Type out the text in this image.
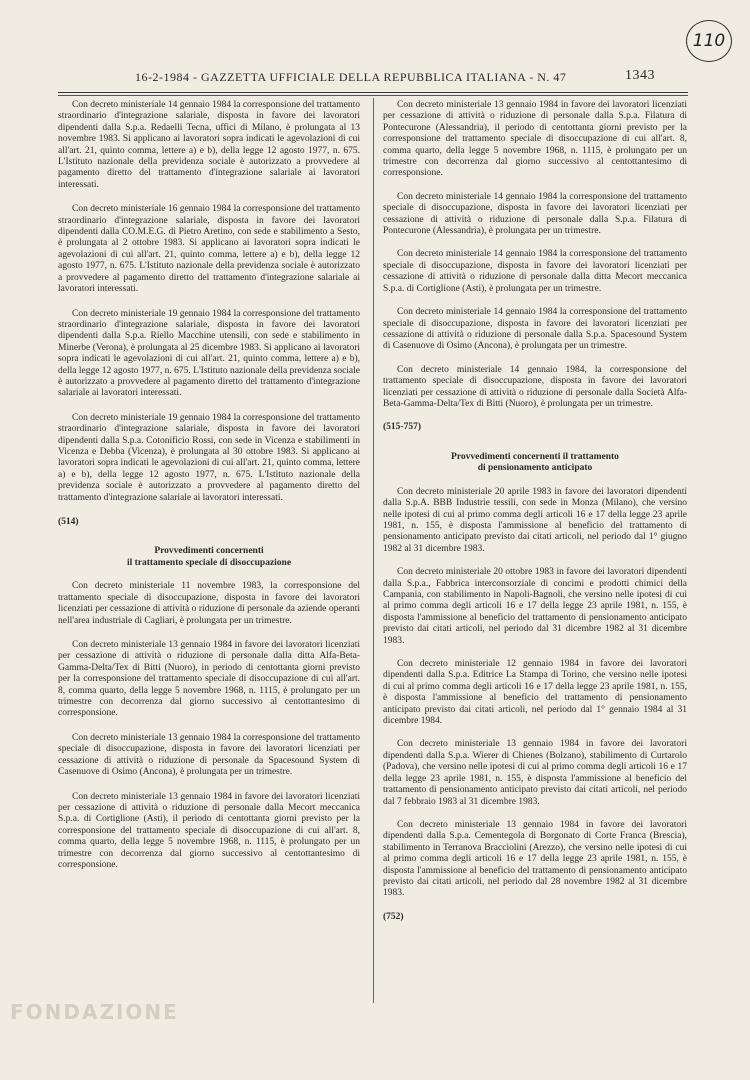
110
16-2-1984 - GAZZETTA UFFICIALE DELLA REPUBBLICA ITALIANA - N. 47	1343

Con decreto ministeriale 14 gennaio 1984 la corresponsione del trattamento straordinario d'integrazione salariale, disposta in favore dei lavoratori dipendenti dalla S.p.a. Redaelli Tecna, uffici di Milano, è prolungata al 13 novembre 1983. Si applicano ai lavoratori sopra indicati le agevolazioni di cui all'art. 21, quinto comma, lettere a) e b), della legge 12 agosto 1977, n. 675. L'Istituto nazionale della previdenza sociale è autorizzato a provvedere al pagamento diretto del trattamento d'integrazione salariale ai lavoratori interessati.

Con decreto ministeriale 16 gennaio 1984 la corresponsione del trattamento straordinario d'integrazione salariale, disposta in favore dei lavoratori dipendenti dalla CO.M.E.G. di Pietro Aretino, con sede e stabilimento a Sesto, è prolungata al 2 ottobre 1983. Si applicano ai lavoratori sopra indicati le agevolazioni di cui all'art. 21, quinto comma, lettere a) e b), della legge 12 agosto 1977, n. 675. L'Istituto nazionale della previdenza sociale è autorizzato a provvedere al pagamento diretto del trattamento d'integrazione salariale ai lavoratori interessati.

Con decreto ministeriale 19 gennaio 1984 la corresponsione del trattamento straordinario d'integrazione salariale, disposta in favore dei lavoratori dipendenti dalla S.p.a. Riello Macchine utensili, con sede e stabilimento in Minerbe (Verona), è prolungata al 25 dicembre 1983. Si applicano ai lavoratori sopra indicati le agevolazioni di cui all'art. 21, quinto comma, lettere a) e b), della legge 12 agosto 1977, n. 675. L'Istituto nazionale della previdenza sociale è autorizzato a provvedere al pagamento diretto del trattamento d'integrazione salariale ai lavoratori interessati.

Con decreto ministeriale 19 gennaio 1984 la corresponsione del trattamento straordinario d'integrazione salariale, disposta in favore dei lavoratori dipendenti dalla S.p.a. Cotonificio Rossi, con sede in Vicenza e stabilimenti in Vicenza e Debba (Vicenza), è prolungata al 30 ottobre 1983. Si applicano ai lavoratori sopra indicati le agevolazioni di cui all'art. 21, quinto comma, lettere a) e b), della legge 12 agosto 1977, n. 675. L'Istituto nazionale della previdenza sociale è autorizzato a provvedere al pagamento diretto del trattamento d'integrazione salariale ai lavoratori interessati.

(514)
Provvedimenti concernenti
il trattamento speciale di disoccupazione

Con decreto ministeriale 11 novembre 1983, la corresponsione del trattamento speciale di disoccupazione, disposta in favore dei lavoratori licenziati per cessazione di attività o riduzione di personale da aziende operanti nell'area industriale di Cagliari, è prolungata per un trimestre.

Con decreto ministeriale 13 gennaio 1984 in favore dei lavoratori licenziati per cessazione di attività o riduzione di personale dalla ditta Alfa-Beta-Gamma-Delta/Tex di Bitti (Nuoro), in periodo di centottanta giorni previsto per la corresponsione del trattamento speciale di disoccupazione di cui all'art. 8, comma quarto, della legge 5 novembre 1968, n. 1115, è prolungato per un trimestre con decorrenza dal giorno successivo al centottantesimo di corresponsione.

Con decreto ministeriale 13 gennaio 1984 la corresponsione del trattamento speciale di disoccupazione, disposta in favore dei lavoratori licenziati per cessazione di attività o riduzione di personale da Spacesound System di Casenuove di Osimo (Ancona), è prolungata per un trimestre.

Con decreto ministeriale 13 gennaio 1984 in favore dei lavoratori licenziati per cessazione di attività o riduzione di personale dalla Mecort meccanica S.p.a. di Cortiglione (Asti), il periodo di centottanta giorni previsto per la corresponsione del trattamento speciale di disoccupazione di cui all'art. 8, comma quarto, della legge 5 novembre 1968, n. 1115, è prolungato per un trimestre con decorrenza dal giorno successivo al centottantesimo di corresponsione.

Con decreto ministeriale 13 gennaio 1984 in favore dei lavoratori licenziati per cessazione di attività o riduzione di personale dalla S.p.a. Filatura di Pontecurone (Alessandria), il periodo di centottanta giorni previsto per la corresponsione del trattamento speciale di disoccupazione di cui all'art. 8, comma quarto, della legge 5 novembre 1968, n. 1115, è prolungato per un trimestre con decorrenza dal giorno successivo al centottantesimo di corresponsione.

Con decreto ministeriale 14 gennaio 1984 la corresponsione del trattamento speciale di disoccupazione, disposta in favore dei lavoratori licenziati per cessazione di attività o riduzione di personale dalla S.p.a. Filatura di Pontecurone (Alessandria), è prolungata per un trimestre.

Con decreto ministeriale 14 gennaio 1984 la corresponsione del trattamento speciale di disoccupazione, disposta in favore dei lavoratori licenziati per cessazione di attività o riduzione di personale dalla ditta Mecort meccanica S.p.a. di Cortiglione (Asti), è prolungata per un trimestre.

Con decreto ministeriale 14 gennaio 1984 la corresponsione del trattamento speciale di disoccupazione, disposta in favore dei lavoratori licenziati per cessazione di attività o riduzione di personale dalla S.p.a. Spacesound System di Casenuove di Osimo (Ancona), è prolungata per un trimestre.

Con decreto ministeriale 14 gennaio 1984, la corresponsione del trattamento speciale di disoccupazione, disposta in favore dei lavoratori licenziati per cessazione di attività o riduzione di personale dalla Società Alfa-Beta-Gamma-Delta/Tex di Bitti (Nuoro), è prolungata per un trimestre.

(515-757)
Provvedimenti concernenti il trattamento
di pensionamento anticipato

Con decreto ministeriale 20 aprile 1983 in favore dei lavoratori dipendenti dalla S.p.A. BBB Industrie tessili, con sede in Monza (Milano), che versino nelle ipotesi di cui al primo comma degli articoli 16 e 17 della legge 23 aprile 1981, n. 155, è disposta l'ammissione al beneficio del trattamento di pensionamento anticipato previsto dai citati articoli, nel periodo dal 1° giugno 1982 al 31 dicembre 1983.

Con decreto ministeriale 20 ottobre 1983 in favore dei lavoratori dipendenti dalla S.p.a., Fabbrica interconsorziale di concimi e prodotti chimici della Campania, con stabilimento in Napoli-Bagnoli, che versino nelle ipotesi di cui al primo comma degli articoli 16 e 17 della legge 23 aprile 1981, n. 155, è disposta l'ammissione al beneficio del trattamento di pensionamento anticipato previsto dai citati articoli, nel periodo dal 31 dicembre 1982 al 31 dicembre 1983.

Con decreto ministeriale 12 gennaio 1984 in favore dei lavoratori dipendenti dalla S.p.a. Editrice La Stampa di Torino, che versino nelle ipotesi di cui al primo comma degli articoli 16 e 17 della legge 23 aprile 1981, n. 155, è disposta l'ammissione al beneficio del trattamento di pensionamento anticipato previsto dai citati articoli, nel periodo dal 1° gennaio 1984 al 31 dicembre 1984.

Con decreto ministeriale 13 gennaio 1984 in favore dei lavoratori dipendenti dalla S.p.a. Wierer di Chienes (Bolzano), stabilimento di Curtarolo (Padova), che versino nelle ipotesi di cui al primo comma degli articoli 16 e 17 della legge 23 aprile 1981, n. 155, è disposta l'ammissione al beneficio del trattamento di pensionamento anticipato previsto dai citati articoli, nel periodo dal 7 febbraio 1983 al 31 dicembre 1983.

Con decreto ministeriale 13 gennaio 1984 in favore dei lavoratori dipendenti dalla S.p.a. Cementegola di Borgonato di Corte Franca (Brescia), stabilimento in Terranova Bracciolini (Arezzo), che versino nelle ipotesi di cui al primo comma degli articoli 16 e 17 della legge 23 aprile 1981, n. 155, è disposta l'ammissione al beneficio del trattamento di pensionamento anticipato previsto dai citati articoli, nel periodo dal 28 novembre 1982 al 31 dicembre 1983.

(752)
FONDAZIONE
